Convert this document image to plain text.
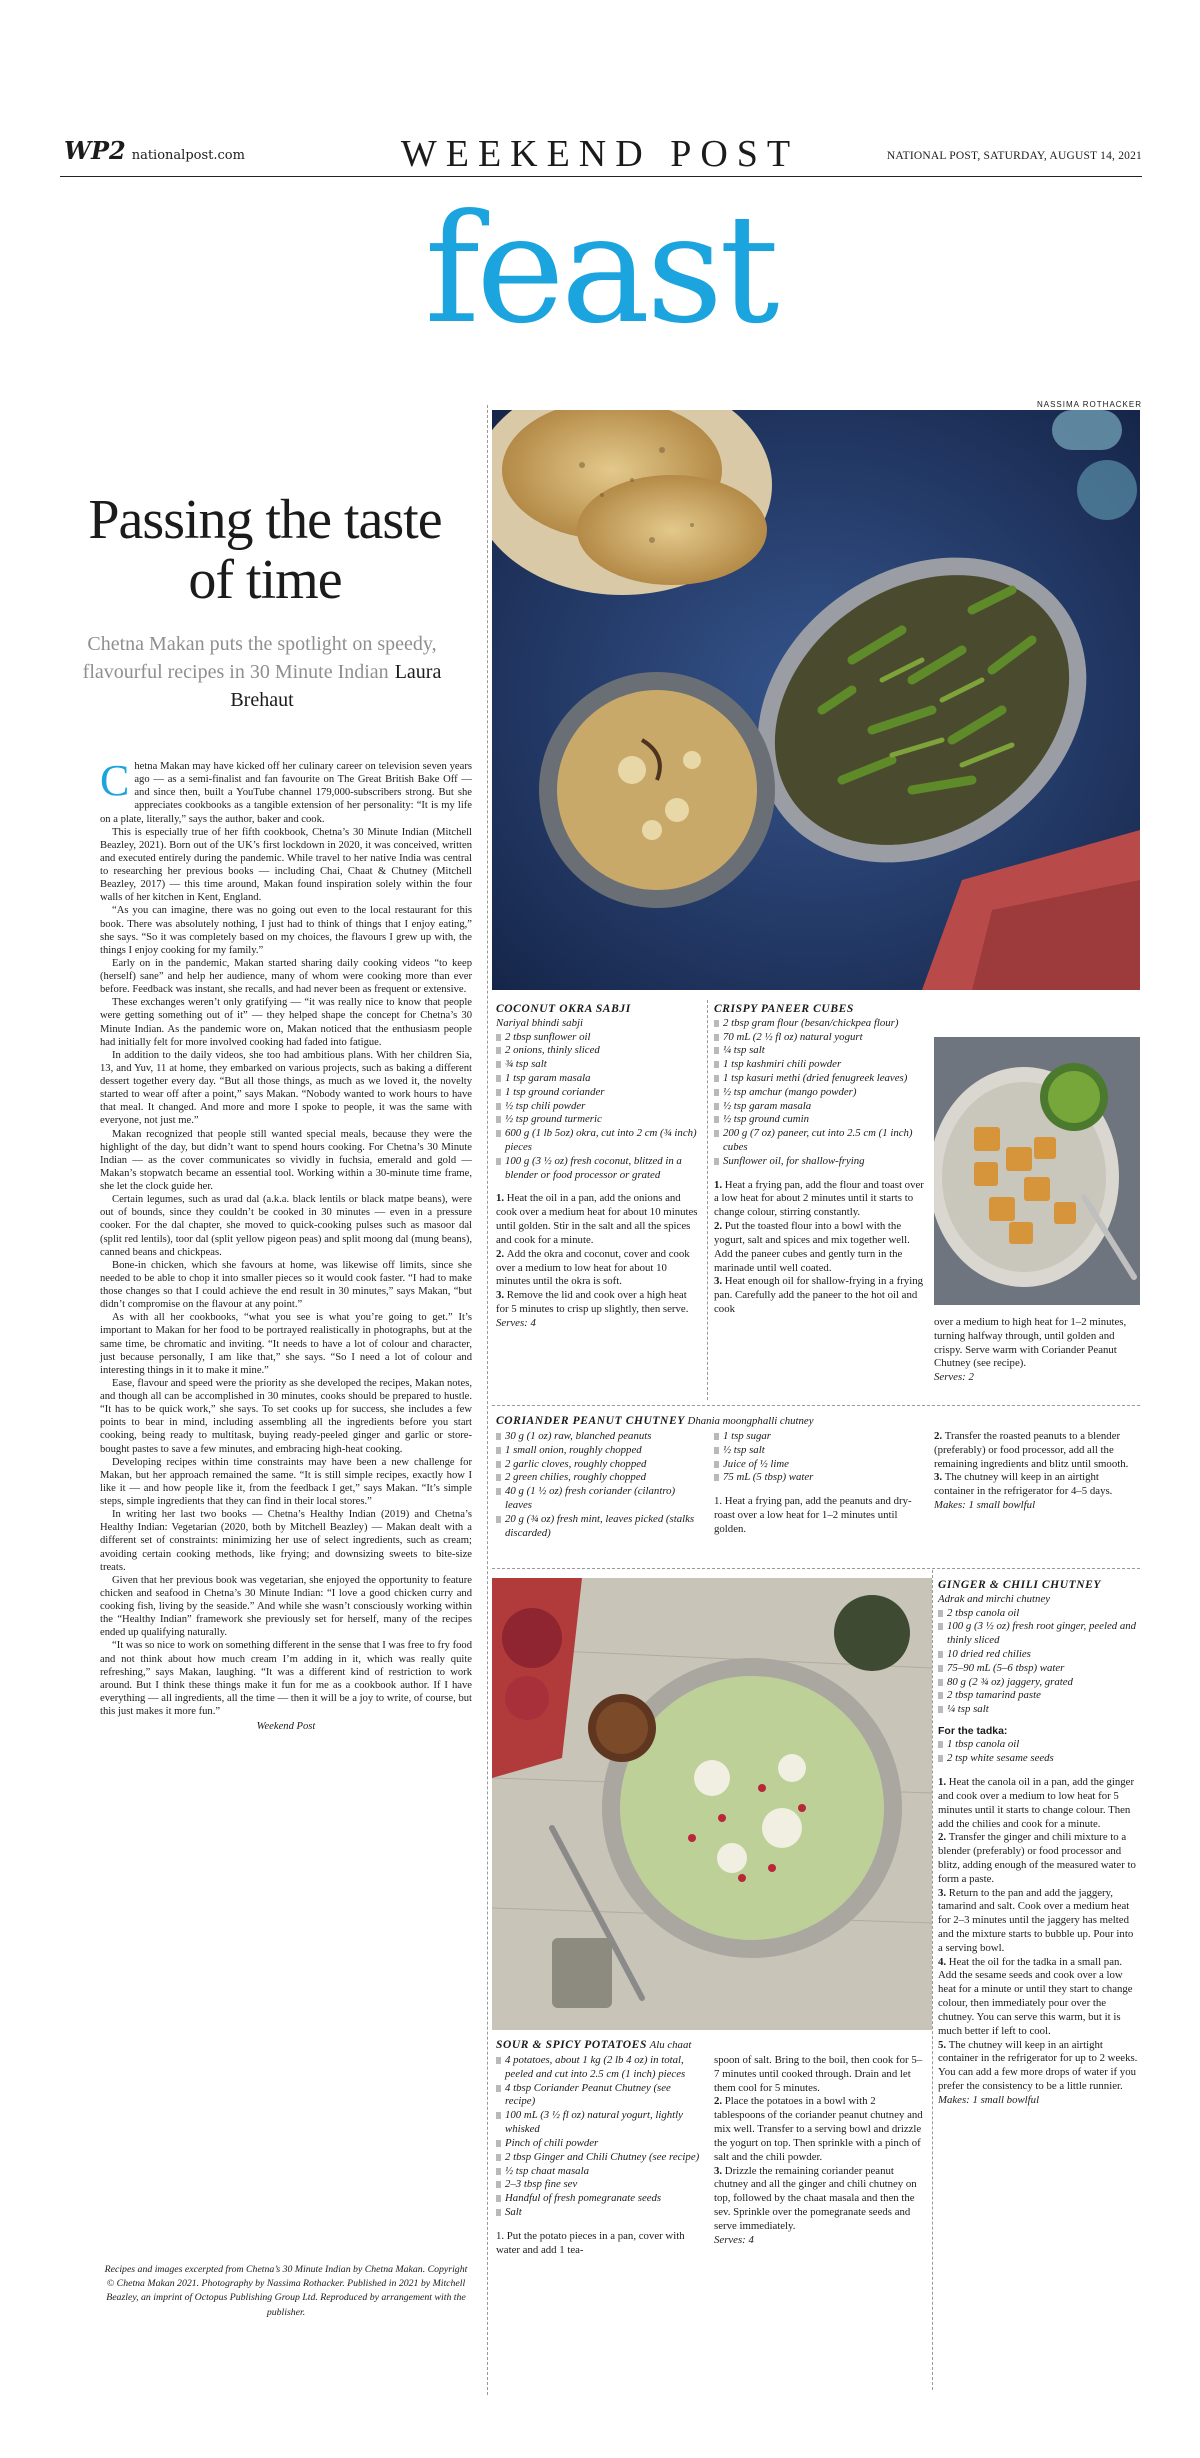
WP2 nationalpost.com	WEEKEND POST	NATIONAL POST, SATURDAY, AUGUST 14, 2021
feast
NASSIMA ROTHACKER
Passing the taste of time
Chetna Makan puts the spotlight on speedy, flavourful recipes in 30 Minute Indian Laura Brehaut

Chetna Makan may have kicked off her culinary career on television seven years ago — as a semi-finalist and fan favourite on The Great British Bake Off — and since then, built a YouTube channel 179,000-subscribers strong. But she appreciates cookbooks as a tangible extension of her personality: “It is my life on a plate, literally,” says the author, baker and cook.

This is especially true of her fifth cookbook, Chetna’s 30 Minute Indian (Mitchell Beazley, 2021). Born out of the UK’s first lockdown in 2020, it was conceived, written and executed entirely during the pandemic. While travel to her native India was central to researching her previous books — including Chai, Chaat & Chutney (Mitchell Beazley, 2017) — this time around, Makan found inspiration solely within the four walls of her kitchen in Kent, England.

“As you can imagine, there was no going out even to the local restaurant for this book. There was absolutely nothing, I just had to think of things that I enjoy eating,” she says. “So it was completely based on my choices, the flavours I grew up with, the things I enjoy cooking for my family.”

Early on in the pandemic, Makan started sharing daily cooking videos “to keep (herself) sane” and help her audience, many of whom were cooking more than ever before. Feedback was instant, she recalls, and had never been as frequent or extensive.

These exchanges weren’t only gratifying — “it was really nice to know that people were getting something out of it” — they helped shape the concept for Chetna’s 30 Minute Indian. As the pandemic wore on, Makan noticed that the enthusiasm people had initially felt for more involved cooking had faded into fatigue.

In addition to the daily videos, she too had ambitious plans. With her children Sia, 13, and Yuv, 11 at home, they embarked on various projects, such as baking a different dessert together every day. “But all those things, as much as we loved it, the novelty started to wear off after a point,” says Makan. “Nobody wanted to work hours to have that meal. It changed. And more and more I spoke to people, it was the same with everyone, not just me.”

Makan recognized that people still wanted special meals, because they were the highlight of the day, but didn’t want to spend hours cooking. For Chetna’s 30 Minute Indian — as the cover communicates so vividly in fuchsia, emerald and gold — Makan’s stopwatch became an essential tool. Working within a 30-minute time frame, she let the clock guide her.

Certain legumes, such as urad dal (a.k.a. black lentils or black matpe beans), were out of bounds, since they couldn’t be cooked in 30 minutes — even in a pressure cooker. For the dal chapter, she moved to quick-cooking pulses such as masoor dal (split red lentils), toor dal (split yellow pigeon peas) and split moong dal (mung beans), canned beans and chickpeas.

Bone-in chicken, which she favours at home, was likewise off limits, since she needed to be able to chop it into smaller pieces so it would cook faster. “I had to make those changes so that I could achieve the end result in 30 minutes,” says Makan, “but didn’t compromise on the flavour at any point.”

As with all her cookbooks, “what you see is what you’re going to get.” It’s important to Makan for her food to be portrayed realistically in photographs, but at the same time, be chromatic and inviting. “It needs to have a lot of colour and character, just because personally, I am like that,” she says. “So I need a lot of colour and interesting things in it to make it mine.”

Ease, flavour and speed were the priority as she developed the recipes, Makan notes, and though all can be accomplished in 30 minutes, cooks should be prepared to hustle. “It has to be quick work,” she says. To set cooks up for success, she includes a few points to bear in mind, including assembling all the ingredients before you start cooking, being ready to multitask, buying ready-peeled ginger and garlic or store-bought pastes to save a few minutes, and embracing high-heat cooking.

Developing recipes within time constraints may have been a new challenge for Makan, but her approach remained the same. “It is still simple recipes, exactly how I like it — and how people like it, from the feedback I get,” says Makan. “It’s simple steps, simple ingredients that they can find in their local stores.”

In writing her last two books — Chetna’s Healthy Indian (2019) and Chetna’s Healthy Indian: Vegetarian (2020, both by Mitchell Beazley) — Makan dealt with a different set of constraints: minimizing her use of select ingredients, such as cream; avoiding certain cooking methods, like frying; and downsizing sweets to bite-size treats.

Given that her previous book was vegetarian, she enjoyed the opportunity to feature chicken and seafood in Chetna’s 30 Minute Indian: “I love a good chicken curry and cooking fish, living by the seaside.” And while she wasn’t consciously working within the “Healthy Indian” framework she previously set for herself, many of the recipes ended up qualifying naturally.

“It was so nice to work on something different in the sense that I was free to fry food and not think about how much cream I’m adding in it, which was really quite refreshing,” says Makan, laughing. “It was a different kind of restriction to work around. But I think these things make it fun for me as a cookbook author. If I have everything — all ingredients, all the time — then it will be a joy to write, of course, but this just makes it more fun.”

Weekend Post
Recipes and images excerpted from Chetna’s 30 Minute Indian by Chetna Makan. Copyright © Chetna Makan 2021. Photography by Nassima Rothacker. Published in 2021 by Mitchell Beazley, an imprint of Octopus Publishing Group Ltd. Reproduced by arrangement with the publisher.
COCONUT OKRA SABJI
Nariyal bhindi sabji
2 tbsp sunflower oil
2 onions, thinly sliced
¾ tsp salt
1 tsp garam masala
1 tsp ground coriander
½ tsp chili powder
½ tsp ground turmeric
600 g (1 lb 5oz) okra, cut into 2 cm (¾ inch) pieces
100 g (3 ½ oz) fresh coconut, blitzed in a blender or food processor or grated
1. Heat the oil in a pan, add the onions and cook over a medium heat for about 10 minutes until golden. Stir in the salt and all the spices and cook for a minute.
2. Add the okra and coconut, cover and cook over a medium to low heat for about 10 minutes until the okra is soft.
3. Remove the lid and cook over a high heat for 5 minutes to crisp up slightly, then serve.
Serves: 4
CRISPY PANEER CUBES
2 tbsp gram flour (besan/chickpea flour)
70 mL (2 ½ fl oz) natural yogurt
¼ tsp salt
1 tsp kashmiri chili powder
1 tsp kasuri methi (dried fenugreek leaves)
½ tsp amchur (mango powder)
½ tsp garam masala
½ tsp ground cumin
200 g (7 oz) paneer, cut into 2.5 cm (1 inch) cubes
Sunflower oil, for shallow-frying
1. Heat a frying pan, add the flour and toast over a low heat for about 2 minutes until it starts to change colour, stirring constantly.
2. Put the toasted flour into a bowl with the yogurt, salt and spices and mix together well. Add the paneer cubes and gently turn in the marinade until well coated.
3. Heat enough oil for shallow-frying in a frying pan. Carefully add the paneer to the hot oil and cook
over a medium to high heat for 1–2 minutes, turning halfway through, until golden and crispy. Serve warm with Coriander Peanut Chutney (see recipe).
Serves: 2
CORIANDER PEANUT CHUTNEY Dhania moongphalli chutney
30 g (1 oz) raw, blanched peanuts
1 small onion, roughly chopped
2 garlic cloves, roughly chopped
2 green chilies, roughly chopped
40 g (1 ½ oz) fresh coriander (cilantro) leaves
20 g (¾ oz) fresh mint, leaves picked (stalks discarded)
1 tsp sugar
½ tsp salt
Juice of ½ lime
75 mL (5 tbsp) water
1. Heat a frying pan, add the peanuts and dry-roast over a low heat for 1–2 minutes until golden.
2. Transfer the roasted peanuts to a blender (preferably) or food processor, add all the remaining ingredients and blitz until smooth.
3. The chutney will keep in an airtight container in the refrigerator for 4–5 days.
Makes: 1 small bowlful
GINGER & CHILI CHUTNEY
Adrak and mirchi chutney
2 tbsp canola oil
100 g (3 ½ oz) fresh root ginger, peeled and thinly sliced
10 dried red chilies
75–90 mL (5–6 tbsp) water
80 g (2 ¾ oz) jaggery, grated
2 tbsp tamarind paste
¼ tsp salt
For the tadka:
1 tbsp canola oil
2 tsp white sesame seeds
1. Heat the canola oil in a pan, add the ginger and cook over a medium to low heat for 5 minutes until it starts to change colour. Then add the chilies and cook for a minute.
2. Transfer the ginger and chili mixture to a blender (preferably) or food processor and blitz, adding enough of the measured water to form a paste.
3. Return to the pan and add the jaggery, tamarind and salt. Cook over a medium heat for 2–3 minutes until the jaggery has melted and the mixture starts to bubble up. Pour into a serving bowl.
4. Heat the oil for the tadka in a small pan. Add the sesame seeds and cook over a low heat for a minute or until they start to change colour, then immediately pour over the chutney. You can serve this warm, but it is much better if left to cool.
5. The chutney will keep in an airtight container in the refrigerator for up to 2 weeks. You can add a few more drops of water if you prefer the consistency to be a little runnier.
Makes: 1 small bowlful
SOUR & SPICY POTATOES Alu chaat
4 potatoes, about 1 kg (2 lb 4 oz) in total, peeled and cut into 2.5 cm (1 inch) pieces
4 tbsp Coriander Peanut Chutney (see recipe)
100 mL (3 ½ fl oz) natural yogurt, lightly whisked
Pinch of chili powder
2 tbsp Ginger and Chili Chutney (see recipe)
½ tsp chaat masala
2–3 tbsp fine sev
Handful of fresh pomegranate seeds
Salt
1. Put the potato pieces in a pan, cover with water and add 1 tea-
spoon of salt. Bring to the boil, then cook for 5–7 minutes until cooked through. Drain and let them cool for 5 minutes.
2. Place the potatoes in a bowl with 2 tablespoons of the coriander peanut chutney and mix well. Transfer to a serving bowl and drizzle the yogurt on top. Then sprinkle with a pinch of salt and the chili powder.
3. Drizzle the remaining coriander peanut chutney and all the ginger and chili chutney on top, followed by the chaat masala and then the sev. Sprinkle over the pomegranate seeds and serve immediately.
Serves: 4
